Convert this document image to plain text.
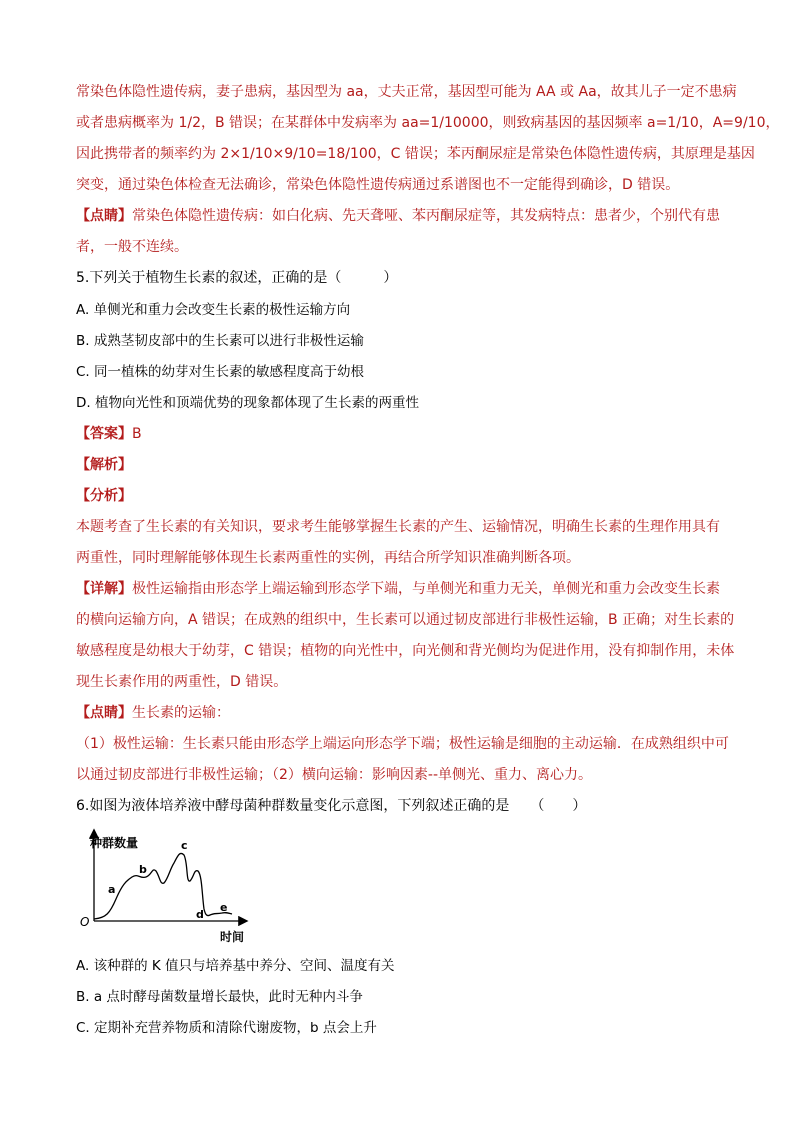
常染色体隐性遗传病，妻子患病，基因型为 aa，丈夫正常，基因型可能为 AA 或 Aa，故其儿子一定不患病
或者患病概率为 1/2，B 错误；在某群体中发病率为 aa=1/10000，则致病基因的基因频率 a=1/10，A=9/10，
因此携带者的频率约为 2×1/10×9/10=18/100，C 错误；苯丙酮尿症是常染色体隐性遗传病，其原理是基因
突变，通过染色体检查无法确诊，常染色体隐性遗传病通过系谱图也不一定能得到确诊，D 错误。
【点睛】常染色体隐性遗传病：如白化病、先天聋哑、苯丙酮尿症等，其发病特点：患者少，个别代有患
者，一般不连续。
5.下列关于植物生长素的叙述，正确的是（　　　）
A. 单侧光和重力会改变生长素的极性运输方向
B. 成熟茎韧皮部中的生长素可以进行非极性运输
C. 同一植株的幼芽对生长素的敏感程度高于幼根
D. 植物向光性和顶端优势的现象都体现了生长素的两重性
【答案】B
【解析】
【分析】
本题考查了生长素的有关知识，要求考生能够掌握生长素的产生、运输情况，明确生长素的生理作用具有
两重性，同时理解能够体现生长素两重性的实例，再结合所学知识准确判断各项。
【详解】极性运输指由形态学上端运输到形态学下端，与单侧光和重力无关，单侧光和重力会改变生长素
的横向运输方向，A 错误；在成熟的组织中，生长素可以通过韧皮部进行非极性运输，B 正确；对生长素的
敏感程度是幼根大于幼芽，C 错误；植物的向光性中，向光侧和背光侧均为促进作用，没有抑制作用，未体
现生长素作用的两重性，D 错误。
【点睛】生长素的运输：
（1）极性运输：生长素只能由形态学上端运向形态学下端；极性运输是细胞的主动运输．在成熟组织中可
以通过韧皮部进行非极性运输；（2）横向运输：影响因素--单侧光、重力、离心力。
6.如图为液体培养液中酵母菌种群数量变化示意图，下列叙述正确的是　　（　　）
种群数量
时间
O
a
b
c
d
e
A. 该种群的 K 值只与培养基中养分、空间、温度有关
B. a 点时酵母菌数量增长最快，此时无种内斗争
C. 定期补充营养物质和清除代谢废物，b 点会上升
